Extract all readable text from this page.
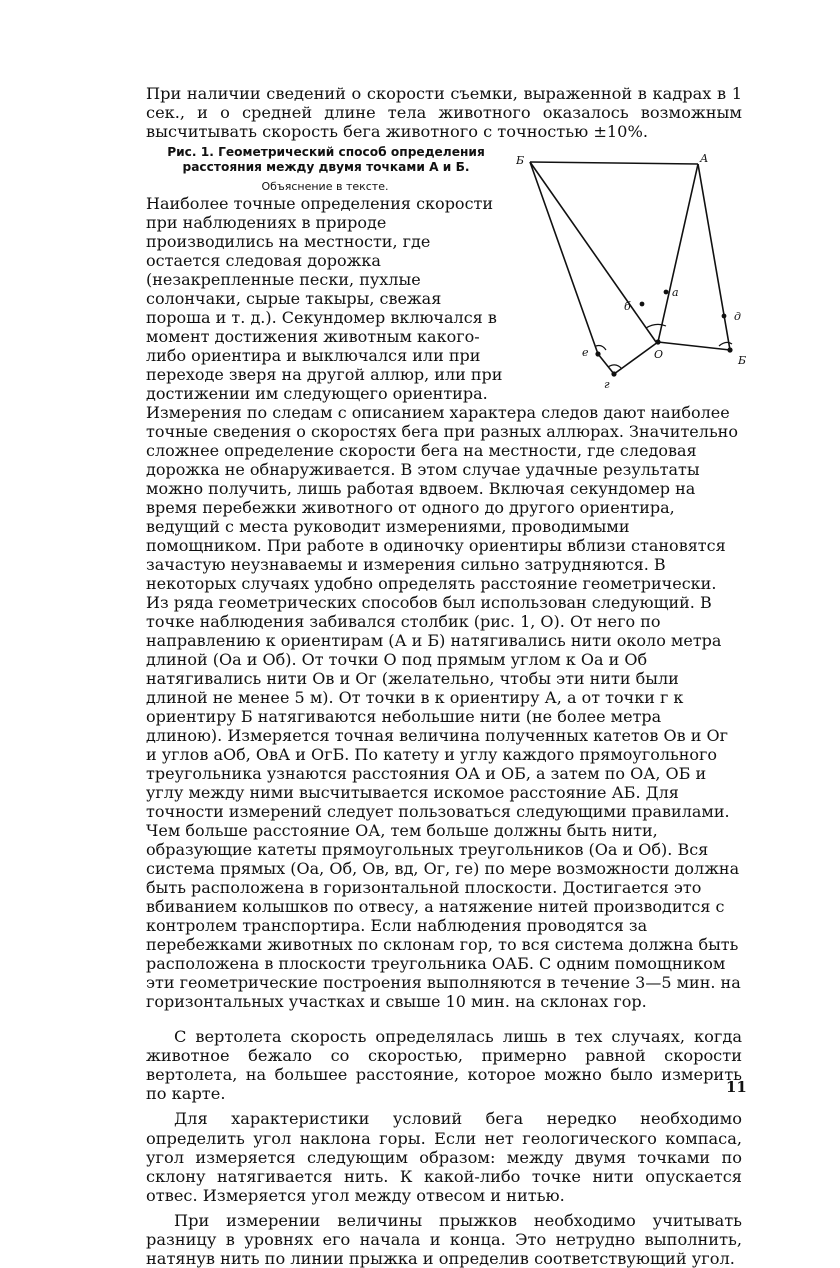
При наличии сведений о скорости съемки, выраженной в кадрах в 1 сек., и о средней длине тела животного оказалось возможным высчитывать скорость бега животного с точностью ±10%.

Б	А
а
б
О
е
г
д
Б

Рис. 1. Геометрический способ определения расстояния между двумя точками А и Б.
Объяснение в тексте.
Наиболее точные определения скорости при наблюдениях в природе производились на местности, где остается следовая дорожка (незакрепленные пески, пухлые солончаки, сырые такыры, свежая пороша и т. д.). Секундомер включался в момент достижения животным какого-либо ориентира и выключался или при переходе зверя на другой аллюр, или при достижении им следующего ориентира. Измерения по следам с описанием характера следов дают наиболее точные сведения о скоростях бега при разных аллюрах. Значительно сложнее определение скорости бега на местности, где следовая дорожка не обнаруживается. В этом случае удачные результаты можно получить, лишь работая вдвоем. Включая секундомер на время перебежки животного от одного до другого ориентира, ведущий с места руководит измерениями, проводимыми помощником. При работе в одиночку ориентиры вблизи становятся зачастую неузнаваемы и измерения сильно затрудняются. В некоторых случаях удобно определять расстояние геометрически. Из ряда геометрических способов был использован следующий. В точке наблюдения забивался столбик (рис. 1, О). От него по направлению к ориентирам (А и Б) натягивались нити около метра длиной (Оа и Об). От точки О под прямым углом к Оа и Об натягивались нити Ов и Ог (желательно, чтобы эти нити были длиной не менее 5 м). От точки в к ориентиру А, а от точки г к ориентиру Б натягиваются небольшие нити (не более метра длиною). Измеряется точная величина полученных катетов Ов и Ог и углов аОб, ОвА и ОгБ. По катету и углу каждого прямоугольного треугольника узнаются расстояния ОА и ОБ, а затем по ОА, ОБ и углу между ними высчитывается искомое расстояние АБ. Для точности измерений следует пользоваться следующими правилами. Чем больше расстояние ОА, тем больше должны быть нити, образующие катеты прямоугольных треугольников (Оа и Об). Вся система прямых (Оа, Об, Ов, вд, Ог, ге) по мере возможности должна быть расположена в горизонтальной плоскости. Достигается это вбиванием колышков по отвесу, а натяжение нитей производится с контролем транспортира. Если наблюдения проводятся за перебежками животных по склонам гор, то вся система должна быть расположена в плоскости треугольника ОАБ. С одним помощником эти геометрические построения выполняются в течение 3—5 мин. на горизонтальных участках и свыше 10 мин. на склонах гор.

С вертолета скорость определялась лишь в тех случаях, когда животное бежало со скоростью, примерно равной скорости вертолета, на большее расстояние, которое можно было измерить по карте.

Для характеристики условий бега нередко необходимо определить угол наклона горы. Если нет геологического компаса, угол измеряется следующим образом: между двумя точками по склону натягивается нить. К какой-либо точке нити опускается отвес. Измеряется угол между отвесом и нитью.

При измерении величины прыжков необходимо учитывать разницу в уровнях его начала и конца. Это нетрудно выполнить, натянув нить по линии прыжка и определив соответствующий угол.

11
